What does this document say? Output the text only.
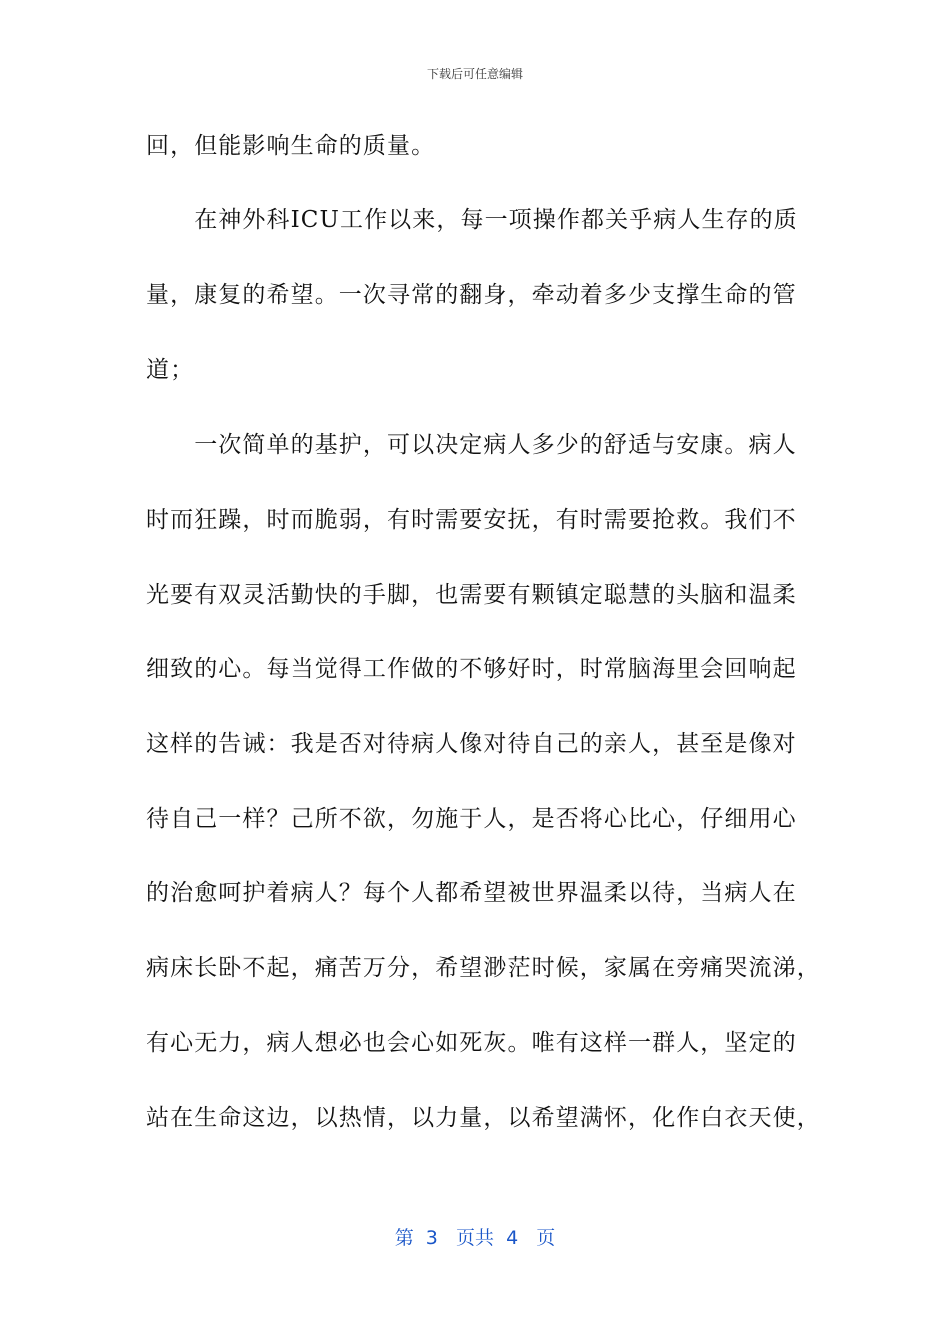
下载后可任意编辑
回，但能影响生命的质量。
　　在神外科ICU工作以来，每一项操作都关乎病人生存的质
量，康复的希望。一次寻常的翻身，牵动着多少支撑生命的管
道；
　　一次简单的基护，可以决定病人多少的舒适与安康。病人
时而狂躁，时而脆弱，有时需要安抚，有时需要抢救。我们不
光要有双灵活勤快的手脚，也需要有颗镇定聪慧的头脑和温柔
细致的心。每当觉得工作做的不够好时，时常脑海里会回响起
这样的告诫：我是否对待病人像对待自己的亲人，甚至是像对
待自己一样？己所不欲，勿施于人，是否将心比心，仔细用心
的治愈呵护着病人？每个人都希望被世界温柔以待，当病人在
病床长卧不起，痛苦万分，希望渺茫时候，家属在旁痛哭流涕，
有心无力，病人想必也会心如死灰。唯有这样一群人，坚定的
站在生命这边，以热情，以力量，以希望满怀，化作白衣天使，
第  3   页共  4   页
